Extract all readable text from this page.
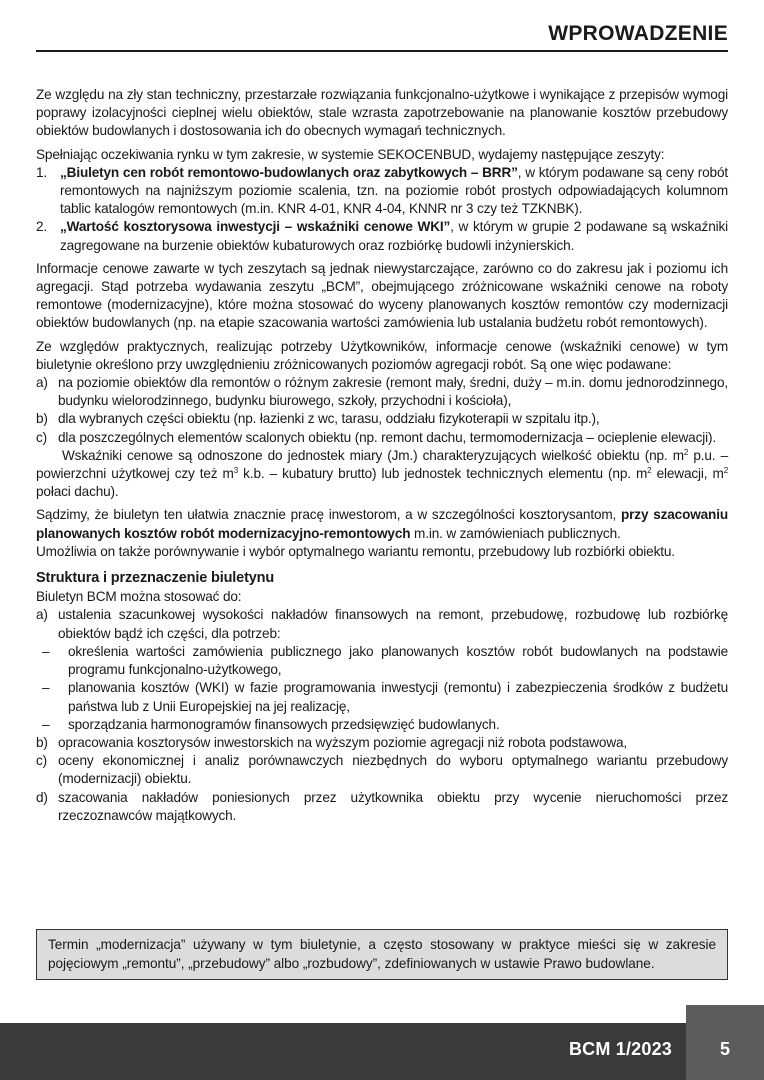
WPROWADZENIE

Ze względu na zły stan techniczny, przestarzałe rozwiązania funkcjonalno-użytkowe i wynikające z przepisów wymogi poprawy izolacyjności cieplnej wielu obiektów, stale wzrasta zapotrzebowanie na planowanie kosztów przebudowy obiektów budowlanych i dostosowania ich do obecnych wymagań technicznych.

Spełniając oczekiwania rynku w tym zakresie, w systemie SEKOCENBUD, wydajemy następujące zeszyty:

1. „Biuletyn cen robót remontowo-budowlanych oraz zabytkowych – BRR”, w którym podawane są ceny robót remontowych na najniższym poziomie scalenia, tzn. na poziomie robót prostych odpowiadających kolumnom tablic katalogów remontowych (m.in. KNR 4-01, KNR 4-04, KNNR nr 3 czy też TZKNBK).
2. „Wartość kosztorysowa inwestycji – wskaźniki cenowe WKI”, w którym w grupie 2 podawane są wskaźniki zagregowane na burzenie obiektów kubaturowych oraz rozbiórkę budowli inżynierskich.

Informacje cenowe zawarte w tych zeszytach są jednak niewystarczające, zarówno co do zakresu jak i poziomu ich agregacji. Stąd potrzeba wydawania zeszytu „BCM”, obejmującego zróżnicowane wskaźniki cenowe na roboty remontowe (modernizacyjne), które można stosować do wyceny planowanych kosztów remontów czy modernizacji obiektów budowlanych (np. na etapie szacowania wartości zamówienia lub ustalania budżetu robót remontowych).

Ze względów praktycznych, realizując potrzeby Użytkowników, informacje cenowe (wskaźniki cenowe) w tym biuletynie określono przy uwzględnieniu zróżnicowanych poziomów agregacji robót. Są one więc podawane:

a) na poziomie obiektów dla remontów o różnym zakresie (remont mały, średni, duży – m.in. domu jednorodzinnego, budynku wielorodzinnego, budynku biurowego, szkoły, przychodni i kościoła),
b) dla wybranych części obiektu (np. łazienki z wc, tarasu, oddziału fizykoterapii w szpitalu itp.),
c) dla poszczególnych elementów scalonych obiektu (np. remont dachu, termomodernizacja – ocieplenie elewacji).

Wskaźniki cenowe są odnoszone do jednostek miary (Jm.) charakteryzujących wielkość obiektu (np. $m^2$ p.u. – powierzchni użytkowej czy też $m^3$ k.b. – kubatury brutto) lub jednostek technicznych elementu (np. $m^2$ elewacji, $m^2$ połaci dachu).

Sądzimy, że biuletyn ten ułatwia znacznie pracę inwestorom, a w szczególności kosztorysantom, przy szacowaniu planowanych kosztów robót modernizacyjno-remontowych m.in. w zamówieniach publicznych.

Umożliwia on także porównywanie i wybór optymalnego wariantu remontu, przebudowy lub rozbiórki obiektu.

Struktura i przeznaczenie biuletynu

Biuletyn BCM można stosować do:

a) ustalenia szacunkowej wysokości nakładów finansowych na remont, przebudowę, rozbudowę lub rozbiórkę obiektów bądź ich części, dla potrzeb:
–	określenia wartości zamówienia publicznego jako planowanych kosztów robót budowlanych na podstawie programu funkcjonalno-użytkowego,
–	planowania kosztów (WKI) w fazie programowania inwestycji (remontu) i zabezpieczenia środków z budżetu państwa lub z Unii Europejskiej na jej realizację,
–	sporządzania harmonogramów finansowych przedsięwzięć budowlanych.
b) opracowania kosztorysów inwestorskich na wyższym poziomie agregacji niż robota podstawowa,
c) oceny ekonomicznej i analiz porównawczych niezbędnych do wyboru optymalnego wariantu przebudowy (modernizacji) obiektu.
d) szacowania nakładów poniesionych przez użytkownika obiektu przy wycenie nieruchomości przez rzeczoznawców majątkowych.
Termin „modernizacja” używany w tym biuletynie, a często stosowany w praktyce mieści się w zakresie pojęciowym „remontu”, „przebudowy” albo „rozbudowy”, zdefiniowanych w ustawie Prawo budowlane.
BCM 1/2023	5
